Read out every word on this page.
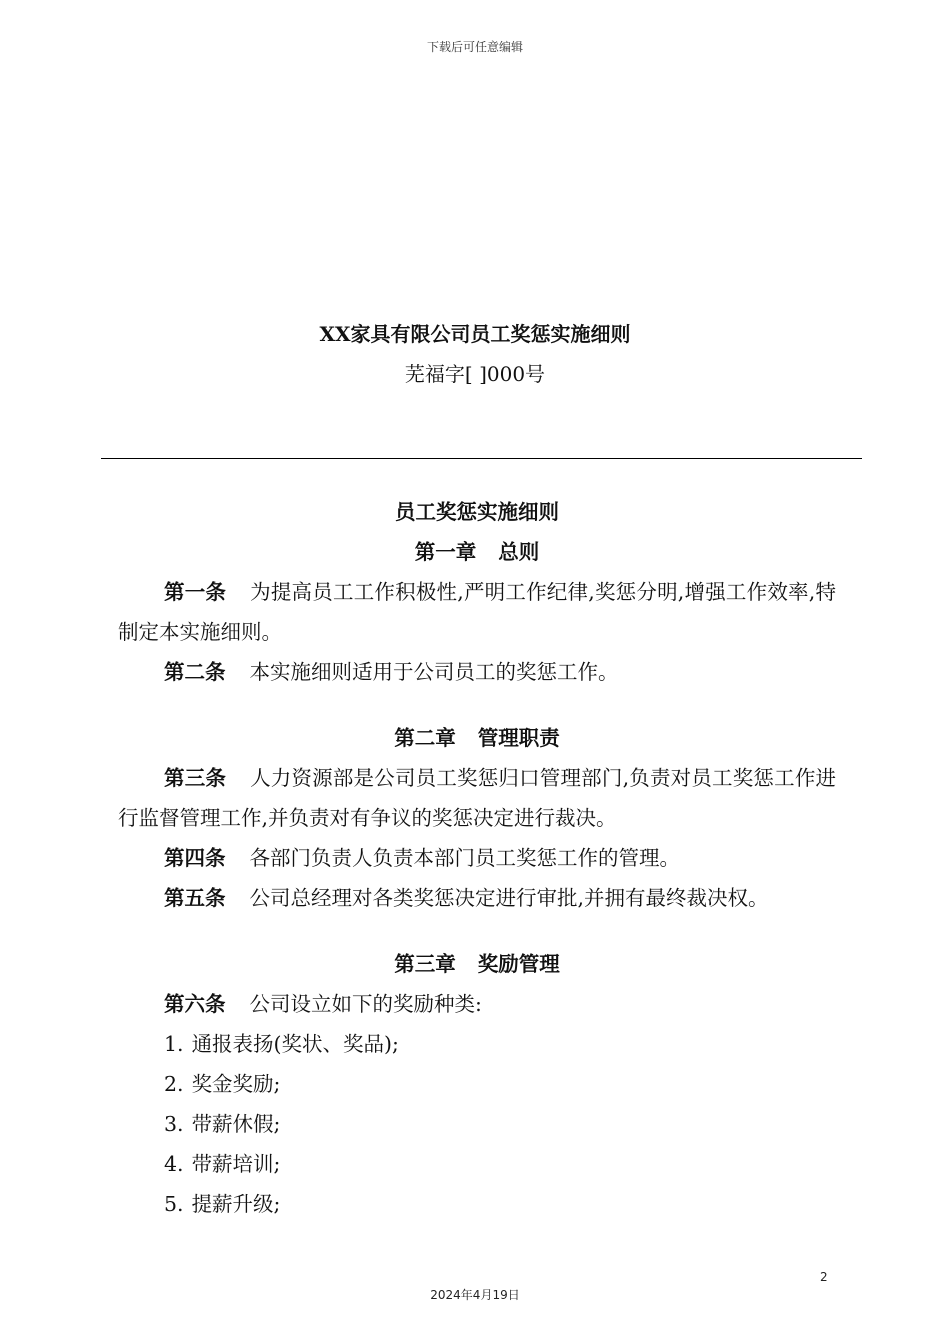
下载后可任意编辑
XX家具有限公司员工奖惩实施细则
芜福字[ ]000号

员工奖惩实施细则

第一章 总则

第一条 为提高员工工作积极性,严明工作纪律,奖惩分明,增强工作效率,特制定本实施细则。

第二条 本实施细则适用于公司员工的奖惩工作。

第二章 管理职责

第三条 人力资源部是公司员工奖惩归口管理部门,负责对员工奖惩工作进行监督管理工作,并负责对有争议的奖惩决定进行裁决。

第四条 各部门负责人负责本部门员工奖惩工作的管理。

第五条 公司总经理对各类奖惩决定进行审批,并拥有最终裁决权。

第三章 奖励管理

第六条 公司设立如下的奖励种类:

1. 通报表扬(奖状、奖品);

2. 奖金奖励;

3. 带薪休假;

4. 带薪培训;

5. 提薪升级;

2
2024年4月19日
